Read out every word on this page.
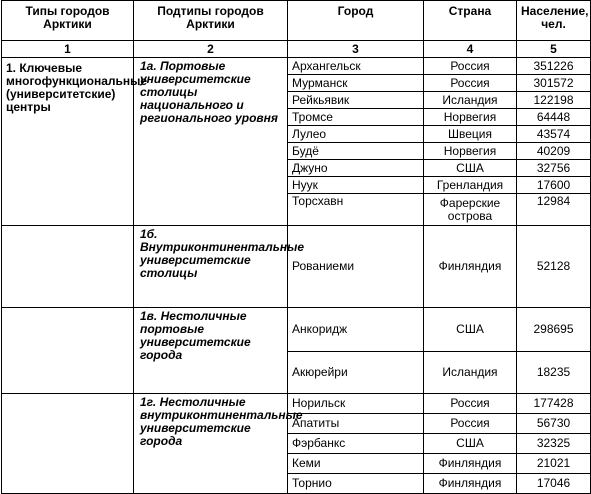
Типы городов Арктики	Подтипы городов Арктики	Город	Страна	Население, чел.
1	2	3	4	5
1. Ключевые многофункциональные (университетские) центры	1а. Портовые университетские столицы национального и регионального уровня	Архангельск	Россия	351226
		Мурманск	Россия	301572
		Рейкьявик	Исландия	122198
		Тромсе	Норвегия	64448
		Лулео	Швеция	43574
		Будё	Норвегия	40209
		Джуно	США	32756
		Нуук	Гренландия	17600
		Торсхавн	Фарерские острова	12984
	1б. Внутриконтинентальные университетские столицы	Рованиеми	Финляндия	52128
	1в. Нестоличные портовые университетские города	Анкоридж	США	298695
		Акюрейри	Исландия	18235
	1г. Нестоличные внутриконтинентальные университетские города	Норильск	Россия	177428
		Апатиты	Россия	56730
		Фэрбанкс	США	32325
		Кеми	Финляндия	21021
		Торнио	Финляндия	17046
